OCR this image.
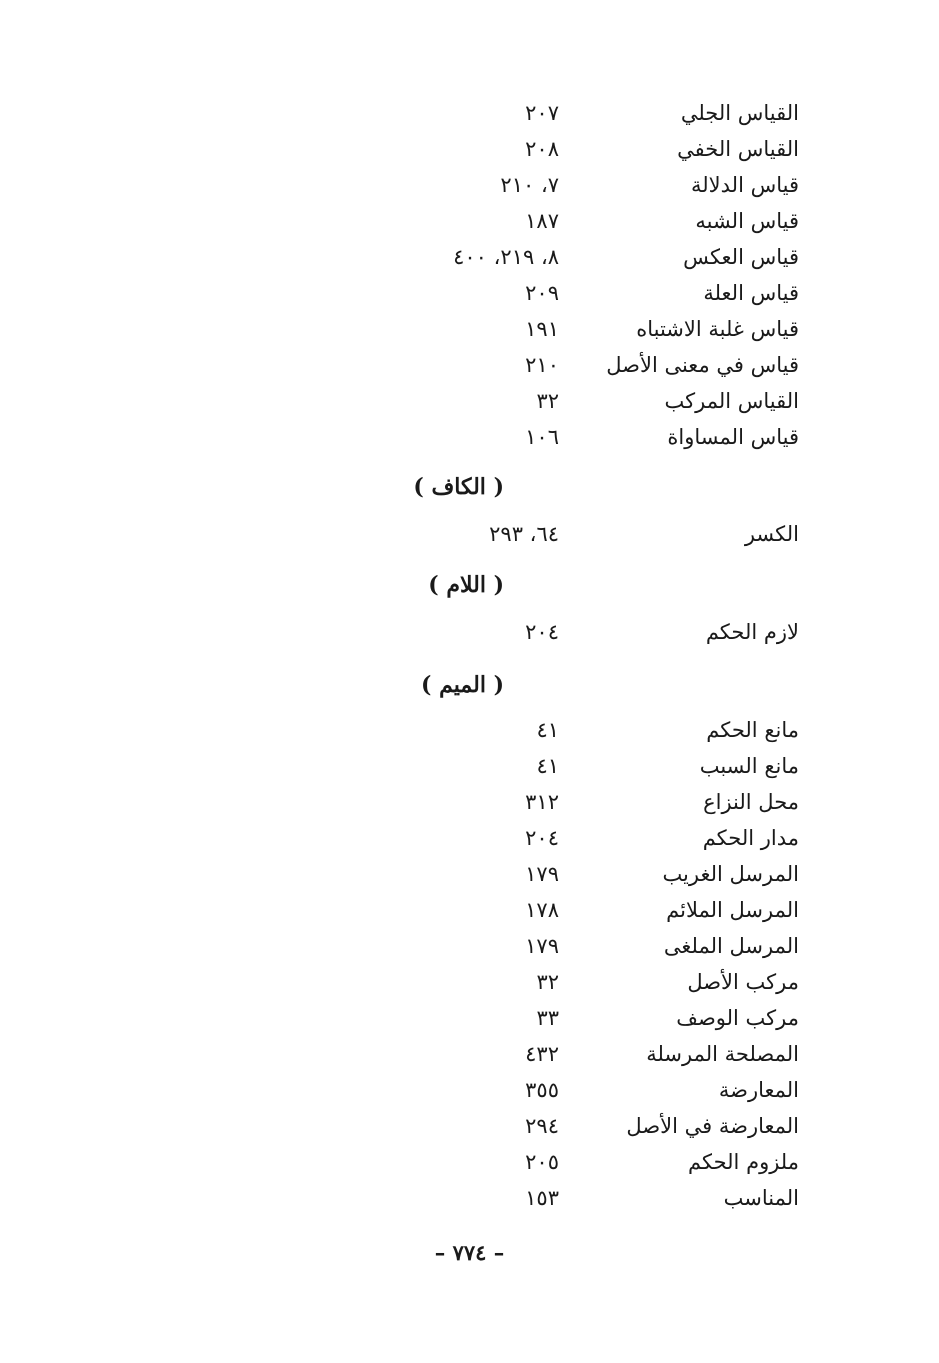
القياس الجلي
٢٠٧
القياس الخفي
٢٠٨
قياس الدلالة
٧، ٢١٠
قياس الشبه
١٨٧
قياس العكس
٨، ٢١٩، ٤٠٠
قياس العلة
٢٠٩
قياس غلبة الاشتباه
١٩١
قياس في معنى الأصل
٢١٠
القياس المركب
٣٢
قياس المساواة
١٠٦
( الكاف )
الكسر
٦٤، ٢٩٣
( اللام )
لازم الحكم
٢٠٤
( الميم )
مانع الحكم
٤١
مانع السبب
٤١
محل النزاع
٣١٢
مدار الحكم
٢٠٤
المرسل الغريب
١٧٩
المرسل الملائم
١٧٨
المرسل الملغى
١٧٩
مركب الأصل
٣٢
مركب الوصف
٣٣
المصلحة المرسلة
٤٣٢
المعارضة
٣٥٥
المعارضة في الأصل
٢٩٤
ملزوم الحكم
٢٠٥
المناسب
١٥٣
– ٧٧٤ –
